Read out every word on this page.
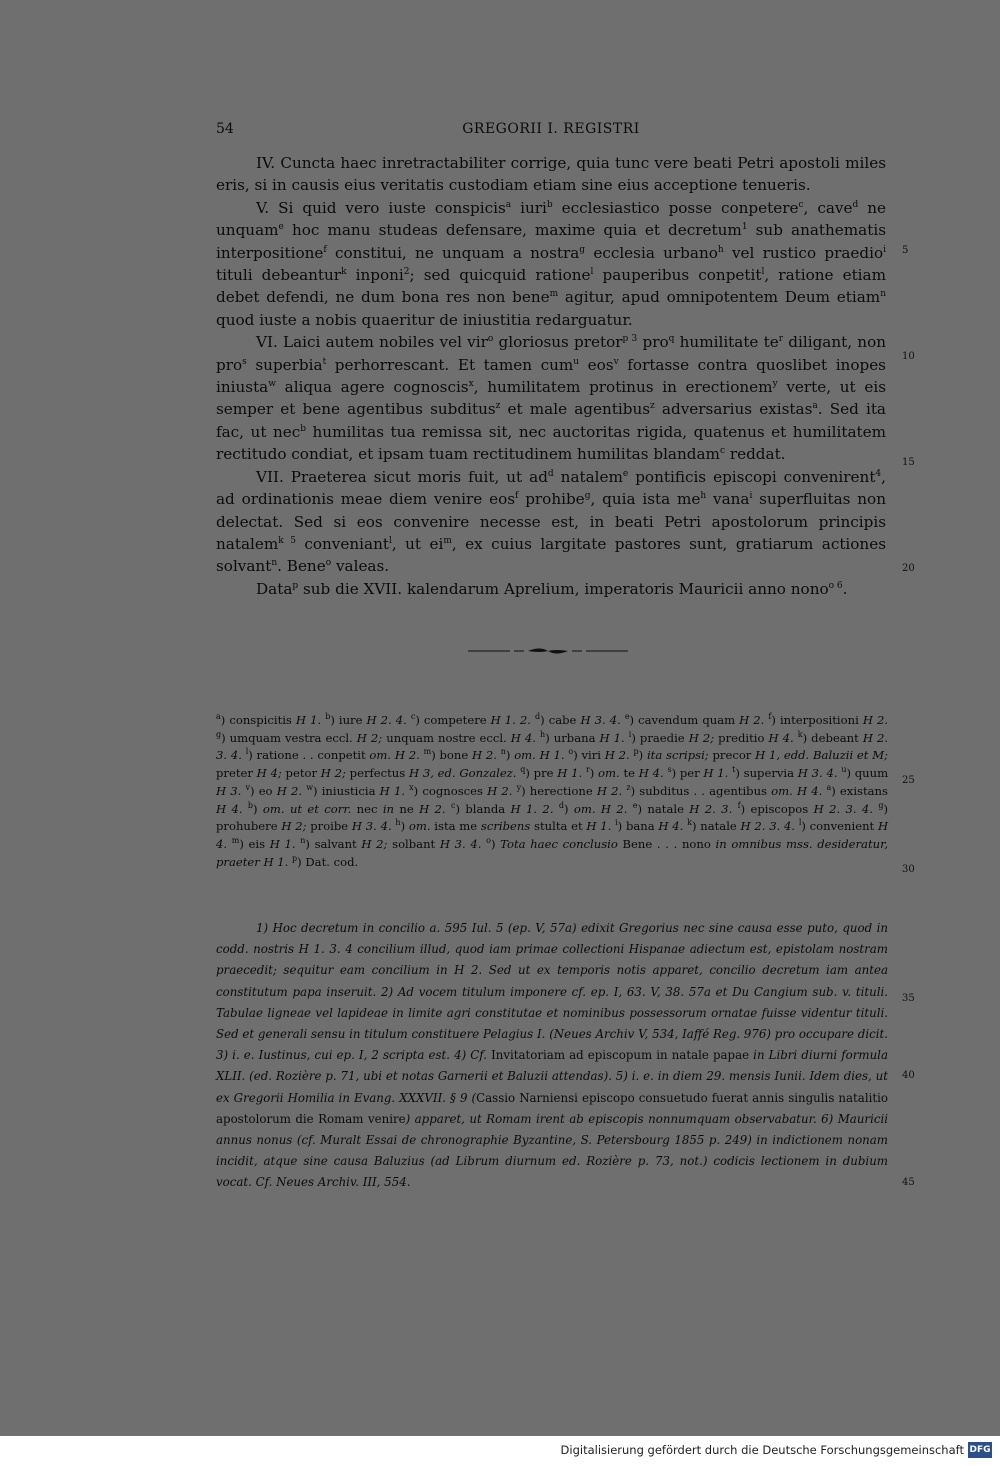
54	GREGORII I. REGISTRI

IV. Cuncta haec inretractabiliter corrige, quia tunc vere beati Petri apostoli miles eris, si in causis eius veritatis custodiam etiam sine eius acceptione tenueris.

V. Si quid vero iuste conspicis$^a$ iuri$^b$ ecclesiastico posse conpetere$^c$, cave$^d$ ne unquam$^e$ hoc manu studeas defensare, maxime quia et decretum$^1$ sub anathematis interpositione$^f$ constitui, ne unquam a nostra$^g$ ecclesia urbano$^h$ vel rustico praedio$^i$ tituli debeantur$^k$ inponi$^2$; sed quicquid ratione$^l$ pauperibus conpetit$^l$, ratione etiam debet defendi, ne dum bona res non bene$^m$ agitur, apud omnipotentem Deum etiam$^n$ quod iuste a nobis quaeritur de iniustitia redarguatur.

VI. Laici autem nobiles vel vir$^o$ gloriosus pretor$^{p 3}$ pro$^q$ humilitate $te^r$ diligant, non pro$^s$ superbia$^t$ perhorrescant. Et tamen cum$^u$ eos$^v$ fortasse contra quoslibet inopes iniusta$^w$ aliqua agere cognoscis$^x$, humilitatem protinus in erectionem$^y$ verte, ut eis semper et bene agentibus subditus$^z$ et male agentibus$^z$ adversarius existas$^a$. Sed ita fac, ut nec$^b$ humilitas tua remissa sit, nec auctoritas rigida, quatenus et humilitatem rectitudo condiat, et ipsam tuam rectitudinem humilitas blandam$^c$ reddat.

VII. Praeterea sicut moris fuit, ut $ad^d$ natalem$^e$ pontificis episcopi convenirent$^4$, ad ordinationis meae diem venire eos$^f$ prohibe$^g$, quia ista $me^h$ vana$^i$ superfluitas non delectat. Sed si eos convenire necesse est, in beati Petri apostolorum principis natalem$^{k 5}$ conveniant$^l$, ut $ei^m$, ex cuius largitate pastores sunt, gratiarum actiones solvant$^n$. Bene$^o$ valeas.

Data$^p$ sub die XVII. kalendarum Aprelium, imperatoris Mauricii anno nono$^{o 6}$.

5
10
15
20

$^a$) conspicitis H 1. $^b$) iure H 2. 4. $^c$) competere H 1. 2. $^d$) cabe H 3. 4. $^e$) cavendum quam H 2. $^f$) interpositioni H 2. $^g$) umquam vestra eccl. H 2; unquam nostre eccl. H 4. $^h$) urbana H 1. $^i$) praedie H 2; preditio H 4. $^k$) debeant H 2. 3. 4. $^l$) ratione . . conpetit om. H 2. $^m$) bone H 2. $^n$) om. H 1. $^o$) viri H 2. $^p$) ita scripsi; precor H 1, edd. Baluzii et M; preter H 4; petor H 2; perfectus H 3, ed. Gonzalez. $^q$) pre H 1. $^r$) om. te H 4. $^s$) per H 1. $^t$) supervia H 3. 4. $^u$) quum H 3. $^v$) eo H 2. $^w$) iniusticia H 1. $^x$) cognosces H 2. $^y$) herectione H 2. $^z$) subditus . . agentibus om. H 4. $^a$) existans H 4. $^b$) om. ut et corr. nec in ne H 2. $^c$) blanda H 1. 2. $^d$) om. H 2. $^e$) natale H 2. 3. $^f$) episcopos H 2. 3. 4. $^g$) prohubere H 2; proibe H 3. 4. $^h$) om. ista me scribens stulta et H 1. $^i$) bana H 4. $^k$) natale H 2. 3. 4. $^l$) convenient H 4. $^m$) eis H 1. $^n$) salvant H 2; solbant H 3. 4. $^o$) Tota haec conclusio Bene . . . nono in omnibus mss. desideratur, praeter H 1. $^p$) Dat. cod.

25
30

1) Hoc decretum in concilio a. 595 Iul. 5 (ep. V, 57a) edixit Gregorius nec sine causa esse puto, quod in codd. nostris H 1. 3. 4 concilium illud, quod iam primae collectioni Hispanae adiectum est, epistolam nostram praecedit; sequitur eam concilium in H 2. Sed ut ex temporis notis apparet, concilio decretum iam antea constitutum papa inseruit. 2) Ad vocem titulum imponere cf. ep. I, 63. V, 38. 57a et Du Cangium sub. v. tituli. Tabulae ligneae vel lapideae in limite agri constitutae et nominibus possessorum ornatae fuisse videntur tituli. Sed et generali sensu in titulum constituere Pelagius I. (Neues Archiv V, 534, Iaffé Reg. 976) pro occupare dicit. 3) i. e. Iustinus, cui ep. I, 2 scripta est. 4) Cf. Invitatoriam ad episcopum in natale papae in Libri diurni formula XLII. (ed. Rozière p. 71, ubi et notas Garnerii et Baluzii attendas). 5) i. e. in diem 29. mensis Iunii. Idem dies, ut ex Gregorii Homilia in Evang. XXXVII. § 9 (Cassio Narniensi episcopo consuetudo fuerat annis singulis natalitio apostolorum die Romam venire) apparet, ut Romam irent ab episcopis nonnumquam observabatur. 6) Mauricii annus nonus (cf. Muralt Essai de chronographie Byzantine, S. Petersbourg 1855 p. 249) in indictionem nonam incidit, atque sine causa Baluzius (ad Librum diurnum ed. Rozière p. 73, not.) codicis lectionem in dubium vocat. Cf. Neues Archiv. III, 554.

35
40
45
Digitalisierung gefördert durch die Deutsche Forschungsgemeinschaft DFG
